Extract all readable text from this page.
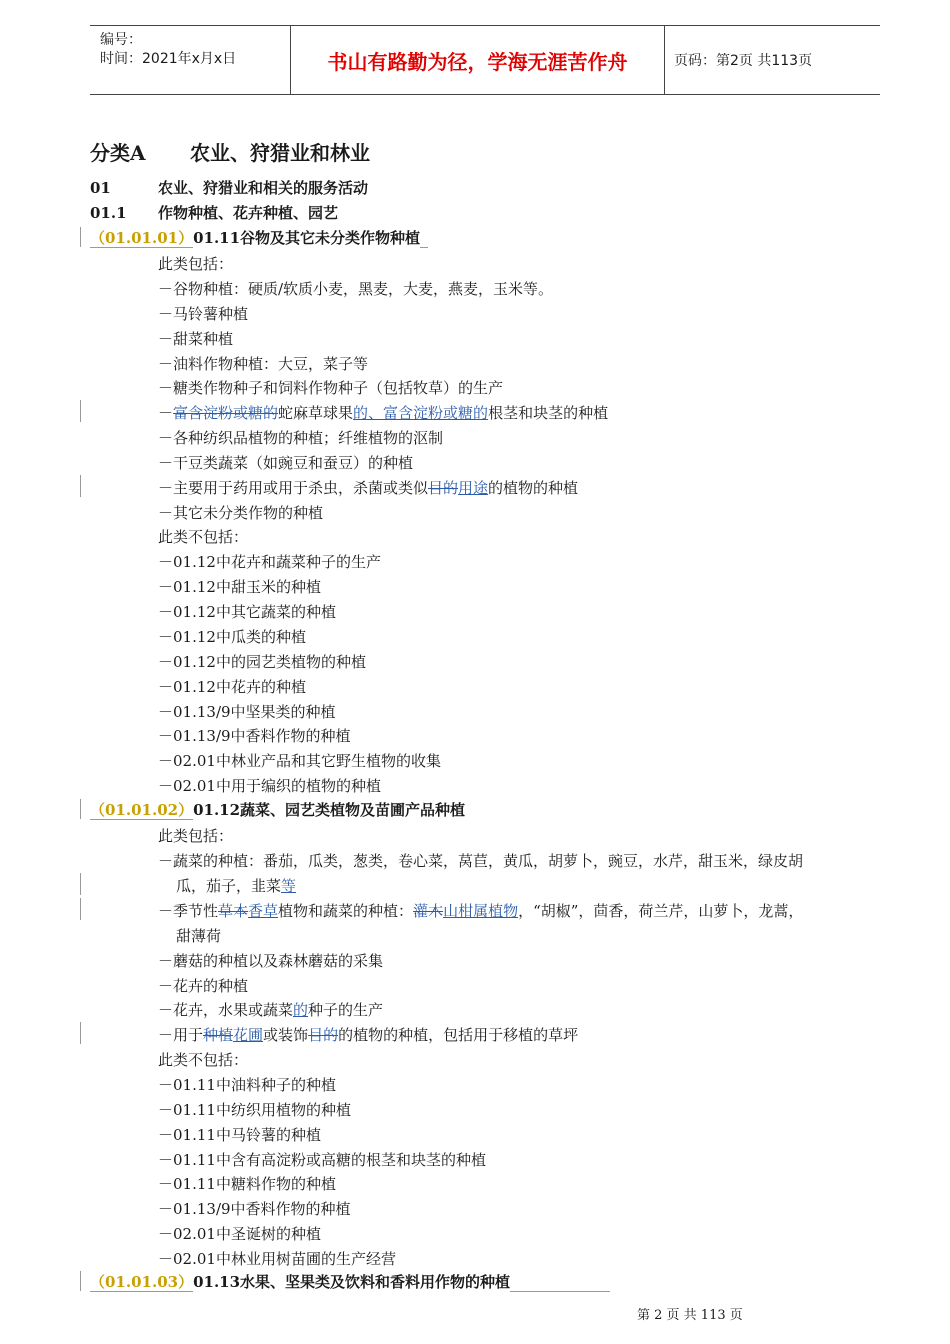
编号：
时间：2021年x月x日	书山有路勤为径，学海无涯苦作舟	页码：第2页 共113页
分类A 农业、狩猎业和林业
01	农业、狩猎业和相关的服务活动
01.1 作物种植、花卉种植、园艺
（01.01.01）01.11谷物及其它未分类作物种植
此类包括：
－谷物种植：硬质/软质小麦，黑麦，大麦，燕麦，玉米等。
－马铃薯种植
－甜菜种植
－油料作物种植：大豆，菜子等
－糖类作物种子和饲料作物种子（包括牧草）的生产
－富含淀粉或糖的蛇麻草球果的、富含淀粉或糖的根茎和块茎的种植
－各种纺织品植物的种植；纤维植物的沤制
－干豆类蔬菜（如豌豆和蚕豆）的种植
－主要用于药用或用于杀虫，杀菌或类似目的用途的植物的种植
－其它未分类作物的种植
此类不包括：
－01.12中花卉和蔬菜种子的生产
－01.12中甜玉米的种植
－01.12中其它蔬菜的种植
－01.12中瓜类的种植
－01.12中的园艺类植物的种植
－01.12中花卉的种植
－01.13/9中坚果类的种植
－01.13/9中香料作物的种植
－02.01中林业产品和其它野生植物的收集
－02.01中用于编织的植物的种植
（01.01.02）01.12蔬菜、园艺类植物及苗圃产品种植
此类包括：
－蔬菜的种植：番茄，瓜类，葱类，卷心菜，莴苣，黄瓜，胡萝卜，豌豆，水芹，甜玉米，绿皮胡
瓜，茄子，韭菜等
－季节性草本香草植物和蔬菜的种植：灌木山柑属植物，“胡椒”，茴香，荷兰芹，山萝卜，龙蒿，
甜薄荷
－蘑菇的种植以及森林蘑菇的采集
－花卉的种植
－花卉，水果或蔬菜的种子的生产
－用于种植花圃或装饰目的的植物的种植，包括用于移植的草坪
此类不包括：
－01.11中油料种子的种植
－01.11中纺织用植物的种植
－01.11中马铃薯的种植
－01.11中含有高淀粉或高糖的根茎和块茎的种植
－01.11中糖料作物的种植
－01.13/9中香料作物的种植
－02.01中圣诞树的种植
－02.01中林业用树苗圃的生产经营
（01.01.03）01.13水果、坚果类及饮料和香料用作物的种植
第 2 页 共 113 页
